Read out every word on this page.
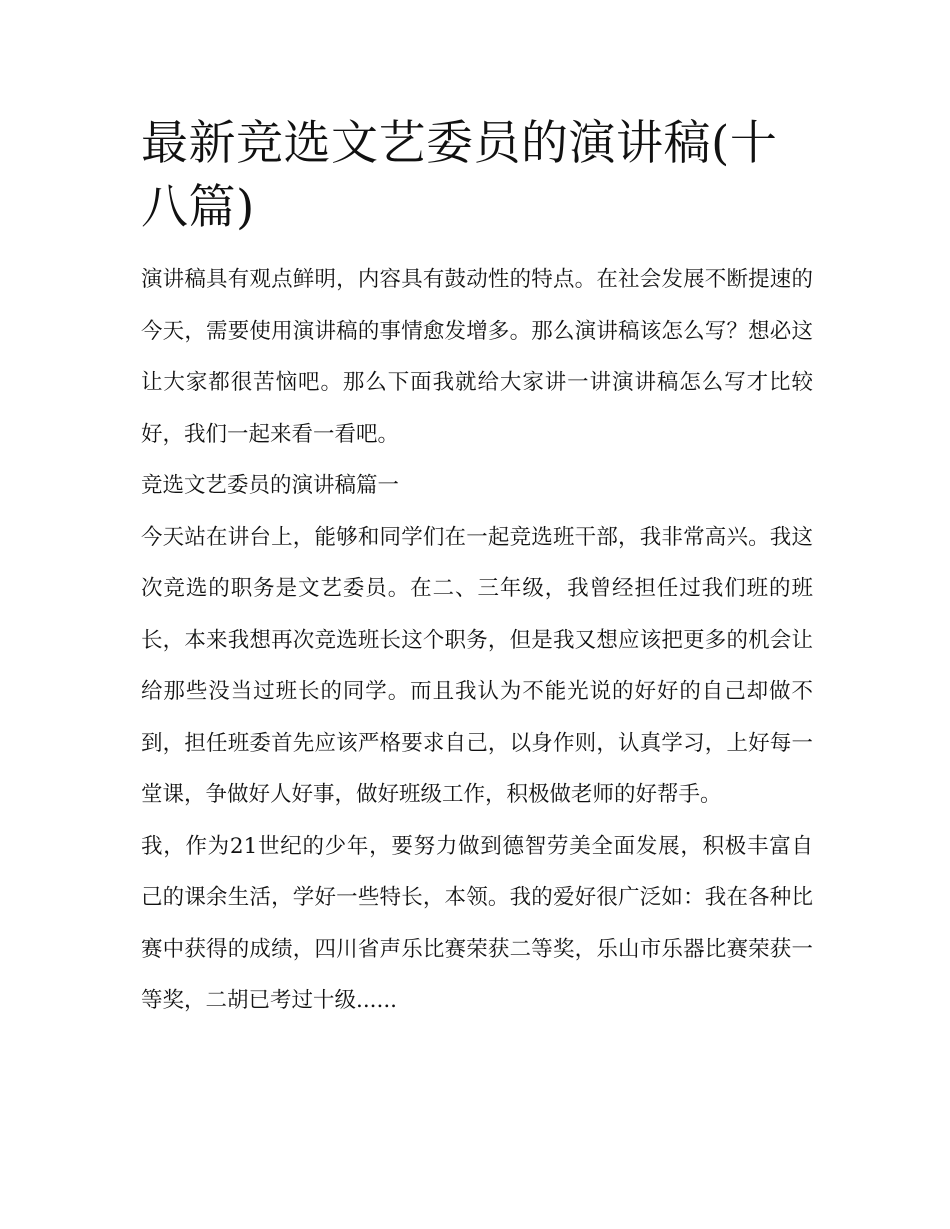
最新竞选文艺委员的演讲稿(十八篇)

演讲稿具有观点鲜明，内容具有鼓动性的特点。在社会发展不断提速的今天，需要使用演讲稿的事情愈发增多。那么演讲稿该怎么写？想必这让大家都很苦恼吧。那么下面我就给大家讲一讲演讲稿怎么写才比较好，我们一起来看一看吧。

竞选文艺委员的演讲稿篇一

今天站在讲台上，能够和同学们在一起竞选班干部，我非常高兴。我这次竞选的职务是文艺委员。在二、三年级，我曾经担任过我们班的班长，本来我想再次竞选班长这个职务，但是我又想应该把更多的机会让给那些没当过班长的同学。而且我认为不能光说的好好的自己却做不到，担任班委首先应该严格要求自己，以身作则，认真学习，上好每一堂课，争做好人好事，做好班级工作，积极做老师的好帮手。

我，作为21世纪的少年，要努力做到德智劳美全面发展，积极丰富自己的课余生活，学好一些特长，本领。我的爱好很广泛如：我在各种比赛中获得的成绩，四川省声乐比赛荣获二等奖，乐山市乐器比赛荣获一等奖，二胡已考过十级......
